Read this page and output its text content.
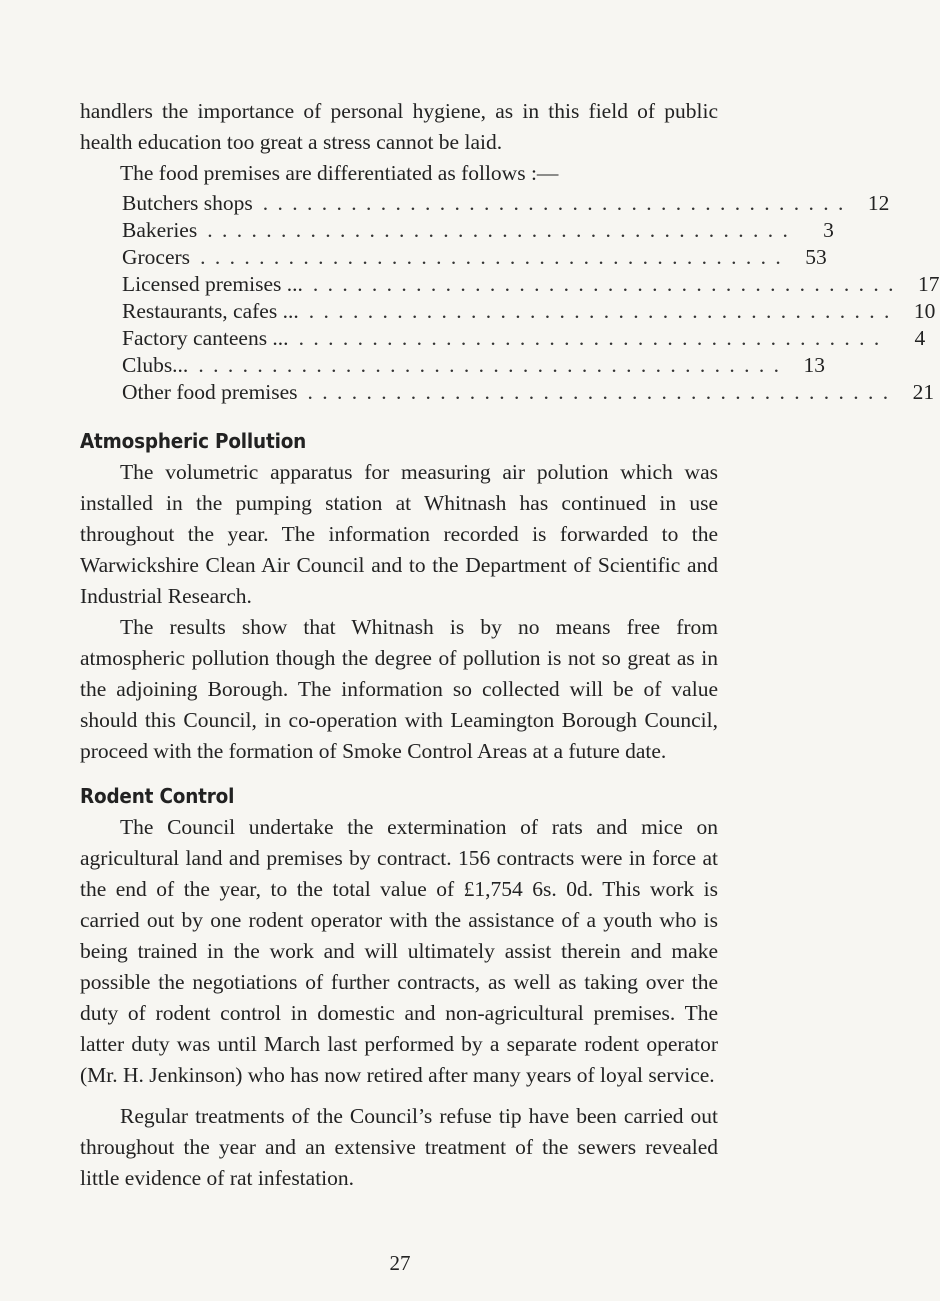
handlers the importance of personal hygiene, as in this field of public health education too great a stress cannot be laid.

The food premises are differentiated as follows :—

Butchers shops . . . . . . . . . . . . . . . . . . . . . . . . . . . . . . . . . . . . . . . .	12
Bakeries . . . . . . . . . . . . . . . . . . . . . . . . . . . . . . . . . . . . . . . .	3
Grocers . . . . . . . . . . . . . . . . . . . . . . . . . . . . . . . . . . . . . . . .	53
Licensed premises ... . . . . . . . . . . . . . . . . . . . . . . . . . . . . . . . . . . . . . . . .	17
Restaurants, cafes ... . . . . . . . . . . . . . . . . . . . . . . . . . . . . . . . . . . . . . . . .	10
Factory canteens ... . . . . . . . . . . . . . . . . . . . . . . . . . . . . . . . . . . . . . . . .	4
Clubs... . . . . . . . . . . . . . . . . . . . . . . . . . . . . . . . . . . . . . . . .	13
Other food premises . . . . . . . . . . . . . . . . . . . . . . . . . . . . . . . . . . . . . . . .	21
Atmospheric Pollution

The volumetric apparatus for measuring air polution which was installed in the pumping station at Whitnash has continued in use throughout the year. The information recorded is forwarded to the Warwickshire Clean Air Council and to the Department of Scientific and Industrial Research.

The results show that Whitnash is by no means free from atmospheric pollution though the degree of pollution is not so great as in the adjoining Borough. The information so collected will be of value should this Council, in co-operation with Leamington Borough Council, proceed with the formation of Smoke Control Areas at a future date.

Rodent Control

The Council undertake the extermination of rats and mice on agricultural land and premises by contract. 156 contracts were in force at the end of the year, to the total value of £1,754 6s. 0d. This work is carried out by one rodent operator with the assistance of a youth who is being trained in the work and will ultimately assist therein and make possible the negotiations of further contracts, as well as taking over the duty of rodent control in domestic and non-agricultural premises. The latter duty was until March last performed by a separate rodent operator (Mr. H. Jenkinson) who has now retired after many years of loyal service.

Regular treatments of the Council’s refuse tip have been carried out throughout the year and an extensive treatment of the sewers revealed little evidence of rat infestation.

27
